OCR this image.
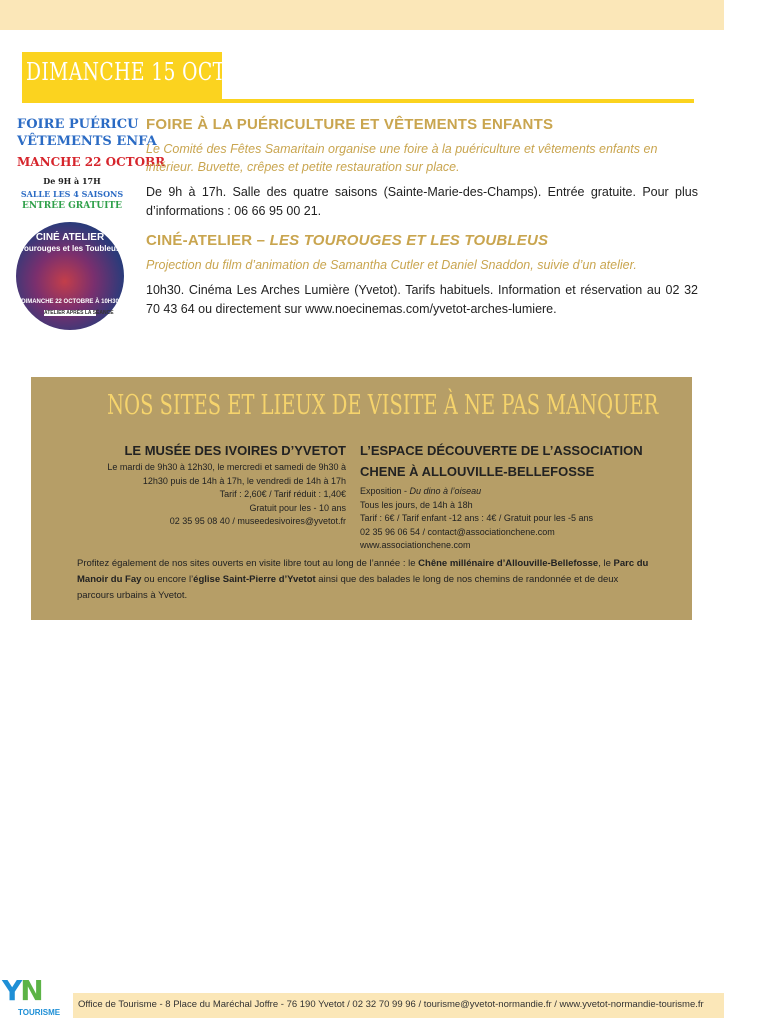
DIMANCHE 15 OCTOBRE
FOIRE PUÉRICU
VÊTEMENTS ENFA
MANCHE 22 OCTOBR
De 9H à 17H
SALLE LES 4 SAISONS
ENTRÉE GRATUITE
FOIRE À LA PUÉRICULTURE ET VÊTEMENTS ENFANTS
Le Comité des Fêtes Samaritain organise une foire à la puériculture et vêtements enfants en intérieur. Buvette, crêpes et petite restauration sur place.
De 9h à 17h. Salle des quatre saisons (Sainte-Marie-des-Champs). Entrée gratuite. Pour plus d’informations : 06 66 95 00 21.
CINÉ ATELIER
Tourouges et les Toubleus
DIMANCHE 22 OCTOBRE À 10H30
ATELIER APRÈS LA SÉANCE
CINÉ-ATELIER – LES TOUROUGES ET LES TOUBLEUS
Projection du film d’animation de Samantha Cutler et Daniel Snaddon, suivie d’un atelier.
10h30. Cinéma Les Arches Lumière (Yvetot). Tarifs habituels. Information et réservation au 02 32 70 43 64 ou directement sur www.noecinemas.com/yvetot-arches-lumiere.
NOS SITES ET LIEUX DE VISITE À NE PAS MANQUER
LE MUSÉE DES IVOIRES D’YVETOT
Le mardi de 9h30 à 12h30, le mercredi et samedi de 9h30 à
12h30 puis de 14h à 17h, le vendredi de 14h à 17h
Tarif : 2,60€ / Tarif réduit : 1,40€
Gratuit pour les - 10 ans
02 35 95 08 40 / museedesivoires@yvetot.fr
L’ESPACE DÉCOUVERTE DE L’ASSOCIATION
CHENE À ALLOUVILLE-BELLEFOSSE
Exposition - Du dino à l’oiseau
Tous les jours, de 14h à 18h
Tarif : 6€ / Tarif enfant -12 ans : 4€ / Gratuit pour les -5 ans
02 35 96 06 54 / contact@associationchene.com
www.associationchene.com
Profitez également de nos sites ouverts en visite libre tout au long de l’année : le Chêne millénaire d’Allouville-Bellefosse, le Parc du Manoir du Fay ou encore l’église Saint-Pierre d’Yvetot ainsi que des balades le long de nos chemins de randonnée et de deux parcours urbains à Yvetot.
YN
TOURISME
Office de Tourisme - 8 Place du Maréchal Joffre - 76 190 Yvetot / 02 32 70 99 96 / tourisme@yvetot-normandie.fr / www.yvetot-normandie-tourisme.fr
